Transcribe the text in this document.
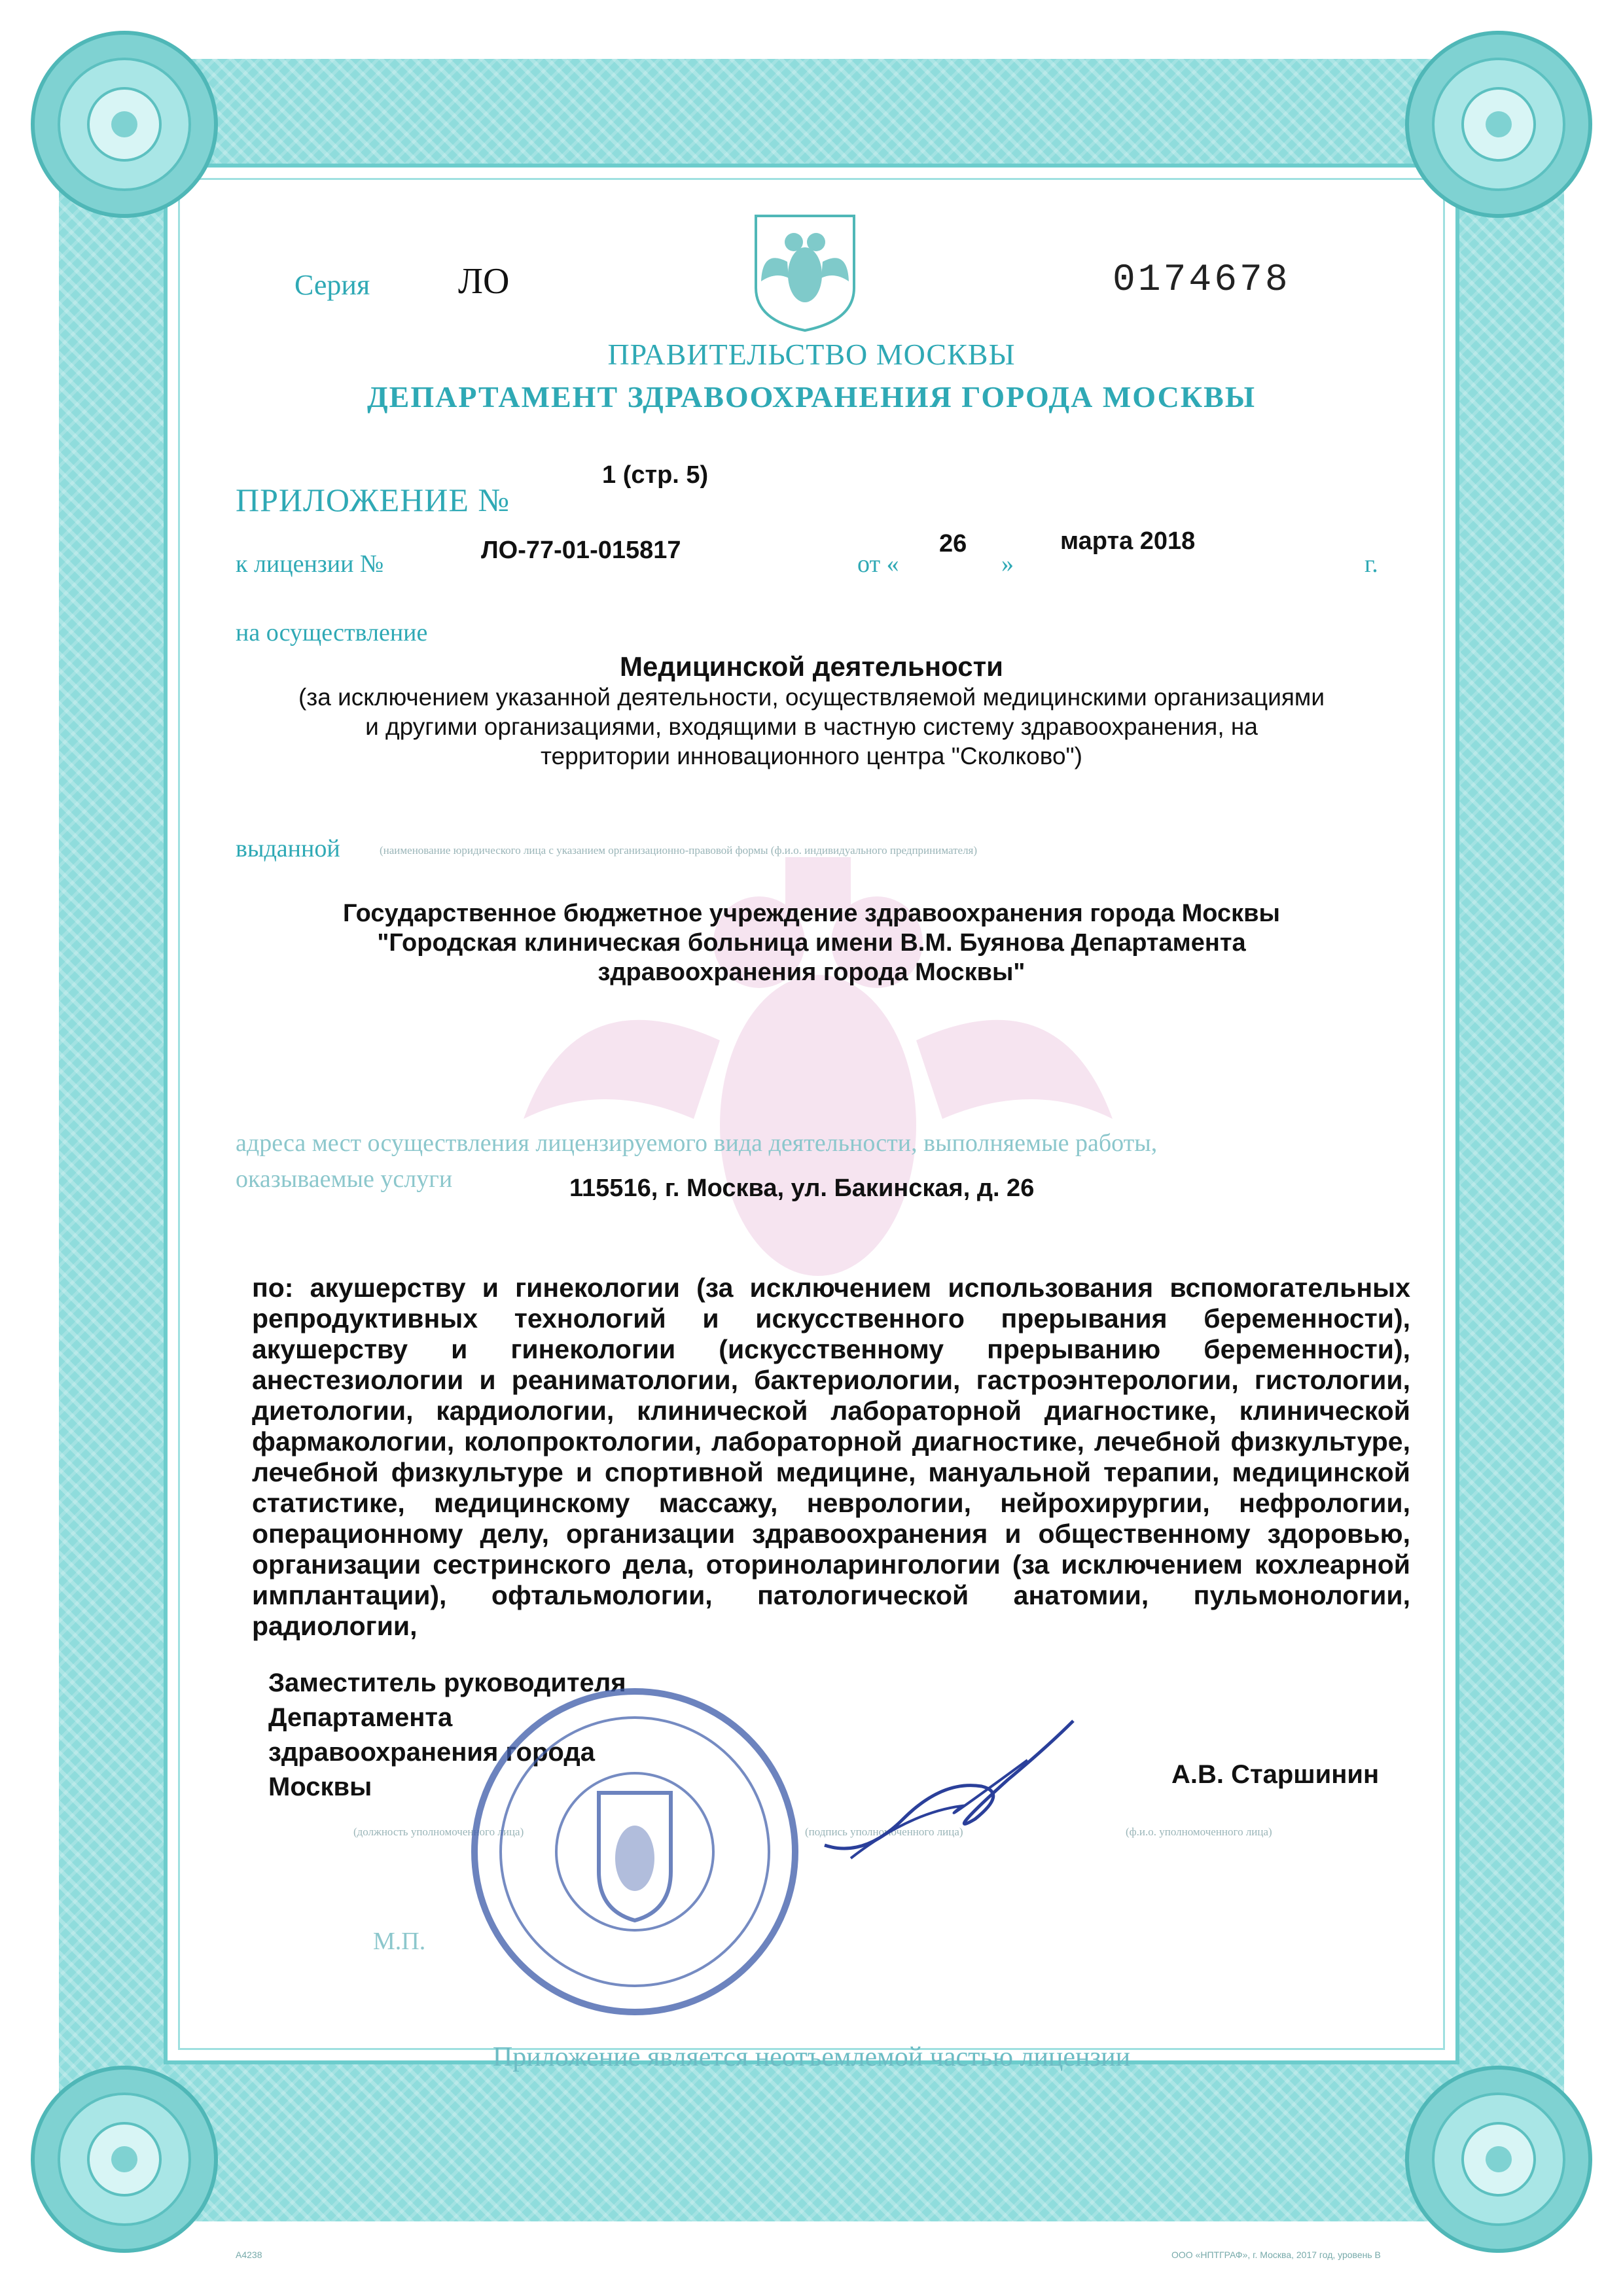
Серия ЛО	0174678
ПРАВИТЕЛЬСТВО МОСКВЫ
ДЕПАРТАМЕНТ ЗДРАВООХРАНЕНИЯ ГОРОДА МОСКВЫ
ПРИЛОЖЕНИЕ №
1 (стр. 5)
к лицензии №	ЛО-77-01-015817	от «
26
»
марта 2018
г.
на осуществление
Медицинской деятельности
(за исключением указанной деятельности, осуществляемой медицинскими организациями
и другими организациями, входящими в частную систему здравоохранения, на
территории инновационного центра "Сколково")
выданной	(наименование юридического лица с указанием организационно-правовой формы (ф.и.о. индивидуального предпринимателя)
Государственное бюджетное учреждение здравоохранения города Москвы
"Городская клиническая больница имени В.М. Буянова Департамента
здравоохранения города Москвы"
адреса мест осуществления лицензируемого вида деятельности, выполняемые работы,
оказываемые услуги	115516, г. Москва, ул. Бакинская, д. 26
по: акушерству и гинекологии (за исключением использования вспомогательных репродуктивных технологий и искусственного прерывания беременности), акушерству и гинекологии (искусственному прерыванию беременности), анестезиологии и реаниматологии, бактериологии, гастроэнтерологии, гистологии, диетологии, кардиологии, клинической лабораторной диагностике, клинической фармакологии, колопроктологии, лабораторной диагностике, лечебной физкультуре, лечебной физкультуре и спортивной медицине, мануальной терапии, медицинской статистике, медицинскому массажу, неврологии, нейрохирургии, нефрологии, операционному делу, организации здравоохранения и общественному здоровью, организации сестринского дела, оториноларингологии (за исключением кохлеарной имплантации), офтальмологии, патологической анатомии, пульмонологии, радиологии,
Заместитель руководителя
Департамента
здравоохранения города
Москвы	А.В. Старшинин
(должность уполномоченного лица)	(подпись уполномоченного лица)	(ф.и.о. уполномоченного лица)
М.П.
Приложение является неотъемлемой частью лицензии
А4238	ООО «НПТГРАФ», г. Москва, 2017 год, уровень В
